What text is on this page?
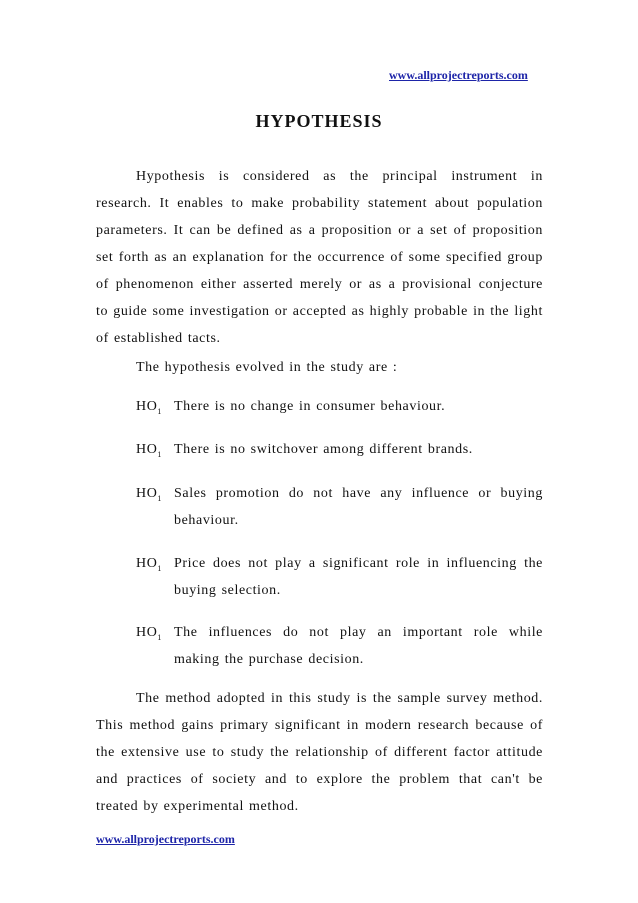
www.allprojectreports.com
HYPOTHESIS

Hypothesis is considered as the principal instrument in research. It enables to make probability statement about population parameters. It can be defined as a proposition or a set of proposition set forth as an explanation for the occurrence of some specified group of phenomenon either asserted merely or as a provisional conjecture to guide some investigation or accepted as highly probable in the light of established tacts.

The hypothesis evolved in the study are :

$HO_1$ There is no change in consumer behaviour.
$HO_1$ There is no switchover among different brands.
$HO_1$ Sales promotion do not have any influence or buying behaviour.
$HO_1$ Price does not play a significant role in influencing the buying selection.
$HO_1$ The influences do not play an important role while making the purchase decision.

The method adopted in this study is the sample survey method. This method gains primary significant in modern research because of the extensive use to study the relationship of different factor attitude and practices of society and to explore the problem that can't be treated by experimental method.

www.allprojectreports.com
